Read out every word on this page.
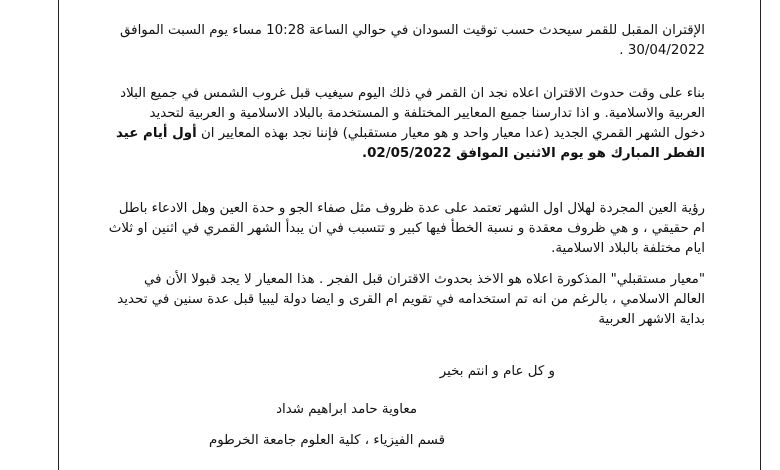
الإقتران المقبل للقمر سيحدث حسب توقيت السودان في حوالي الساعة 10:28 مساء يوم السبت الموافق
30/04/2022 .

بناء على وقت حدوث الاقتران اعلاه نجد ان القمر في ذلك اليوم سيغيب قبل غروب الشمس في جميع البلاد
العربية والاسلامية. و اذا تدارسنا جميع المعايير المختلفة و المستخدمة بالبلاد الاسلامية و العربية لتحديد
دخول الشهر القمري الجديد (عدا معيار واحد و هو معيار مستقبلي) فإننا نجد بهذه المعايير ان أول أيام عيد
الفطر المبارك هو يوم الاثنين الموافق 02/05/2022.

رؤية العين المجردة لهلال اول الشهر تعتمد على عدة ظروف مثل صفاء الجو و حدة العين وهل الادعاء باطل
ام حقيقي ، و هي ظروف معقدة و نسبة الخطأ فيها كبير و تتسبب في ان يبدأ الشهر القمري في اثنين او ثلاث
ايام مختلفة بالبلاد الاسلامية.

"معيار مستقبلي" المذكورة اعلاه هو الاخذ بحدوث الاقتران قبل الفجر . هذا المعيار لا يجد قبولا الأن في
العالم الاسلامي ، بالرغم من انه تم استخدامه في تقويم ام القرى و ايضا دولة ليبيا قبل عدة سنين في تحديد
بداية الاشهر العربية

و كل عام و انتم بخير
معاوية حامد ابراهيم شداد
قسم الفيزياء ، كلية العلوم جامعة الخرطوم
